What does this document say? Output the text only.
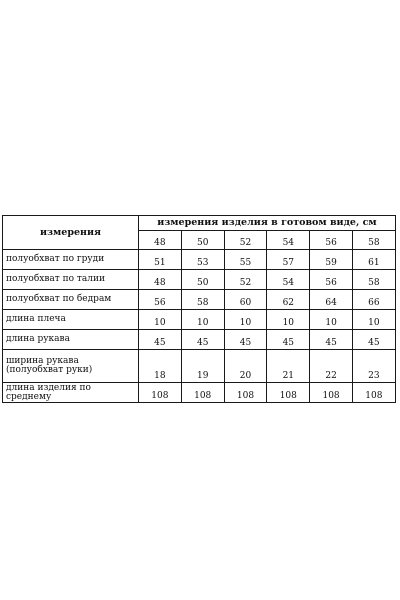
измерения	измерения изделия в готовом виде, см					
	48	50	52	54	56	58
полуобхват по груди	51	53	55	57	59	61
полуобхват по талии	48	50	52	54	56	58
полуобхват по бедрам	56	58	60	62	64	66
длина плеча	10	10	10	10	10	10
длина рукава	45	45	45	45	45	45
ширина рукава
(полуобхват руки)	18	19	20	21	22	23
длина изделия по среднему	108	108	108	108	108	108
